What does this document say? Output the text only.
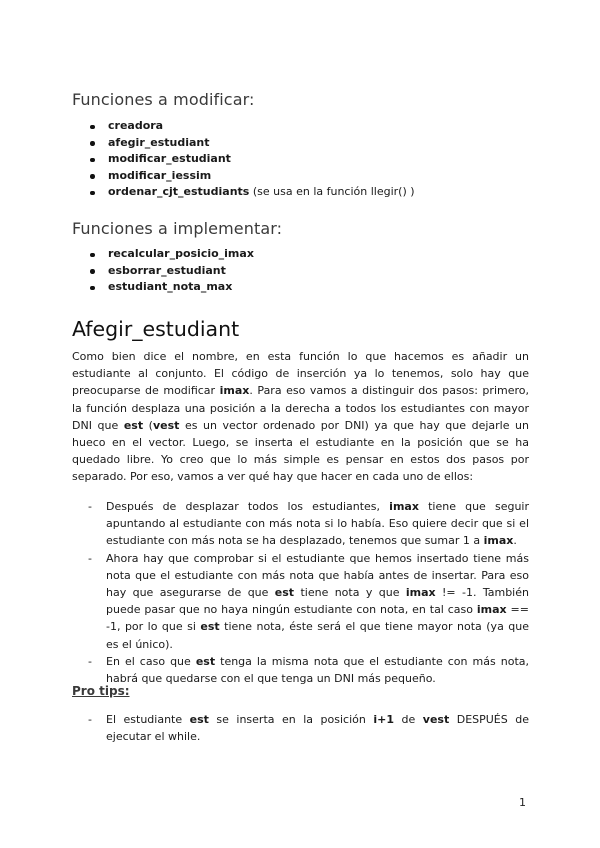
Funciones a modificar:
creadora
afegir_estudiant
modificar_estudiant
modificar_iessim
ordenar_cjt_estudiants (se usa en la función llegir() )
Funciones a implementar:
recalcular_posicio_imax
esborrar_estudiant
estudiant_nota_max
Afegir_estudiant

Como bien dice el nombre, en esta función lo que hacemos es añadir un estudiante al conjunto. El código de inserción ya lo tenemos, solo hay que preocuparse de modificar imax. Para eso vamos a distinguir dos pasos: primero, la función desplaza una posición a la derecha a todos los estudiantes con mayor DNI que est (vest es un vector ordenado por DNI) ya que hay que dejarle un hueco en el vector. Luego, se inserta el estudiante en la posición que se ha quedado libre. Yo creo que lo más simple es pensar en estos dos pasos por separado. Por eso, vamos a ver qué hay que hacer en cada uno de ellos:

- Después de desplazar todos los estudiantes, imax tiene que seguir apuntando al estudiante con más nota si lo había. Eso quiere decir que si el estudiante con más nota se ha desplazado, tenemos que sumar 1 a imax.
- Ahora hay que comprobar si el estudiante que hemos insertado tiene más nota que el estudiante con más nota que había antes de insertar. Para eso hay que asegurarse de que est tiene nota y que imax != -1. También puede pasar que no haya ningún estudiante con nota, en tal caso imax == -1, por lo que si est tiene nota, éste será el que tiene mayor nota (ya que es el único).
- En el caso que est tenga la misma nota que el estudiante con más nota, habrá que quedarse con el que tenga un DNI más pequeño.

Pro tips:

- El estudiante est se inserta en la posición i+1 de vest DESPUÉS de ejecutar el while.
1
